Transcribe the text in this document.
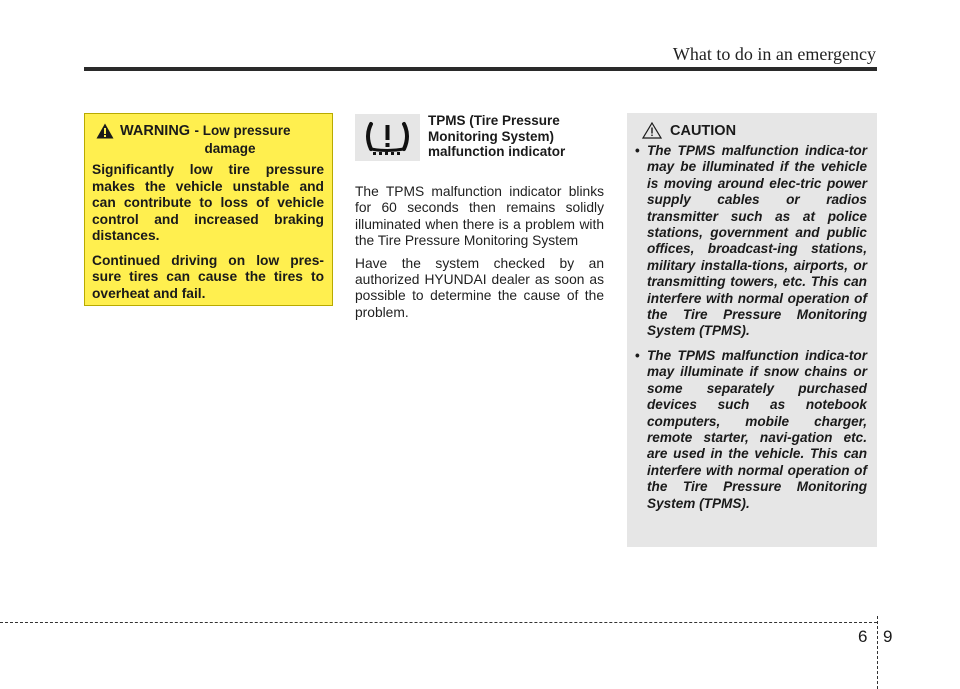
What to do in an emergency
WARNING - Low pressure
damage

Significantly low tire pressure makes the vehicle unstable and can contribute to loss of vehicle control and increased braking distances.

Continued driving on low pres-sure tires can cause the tires to overheat and fail.

TPMS (Tire Pressure Monitoring System) malfunction indicator

The TPMS malfunction indicator blinks for 60 seconds then remains solidly illuminated when there is a problem with the Tire Pressure Monitoring System

Have the system checked by an authorized HYUNDAI dealer as soon as possible to determine the cause of the problem.

CAUTION
• The TPMS malfunction indica-tor may be illuminated if the vehicle is moving around elec-tric power supply cables or radios transmitter such as at police stations, government and public offices, broadcast-ing stations, military installa-tions, airports, or transmitting towers, etc. This can interfere with normal operation of the Tire Pressure Monitoring System (TPMS).
• The TPMS malfunction indica-tor may illuminate if snow chains or some separately purchased devices such as notebook computers, mobile charger, remote starter, navi-gation etc. are used in the vehicle. This can interfere with normal operation of the Tire Pressure Monitoring System (TPMS).
6 9
